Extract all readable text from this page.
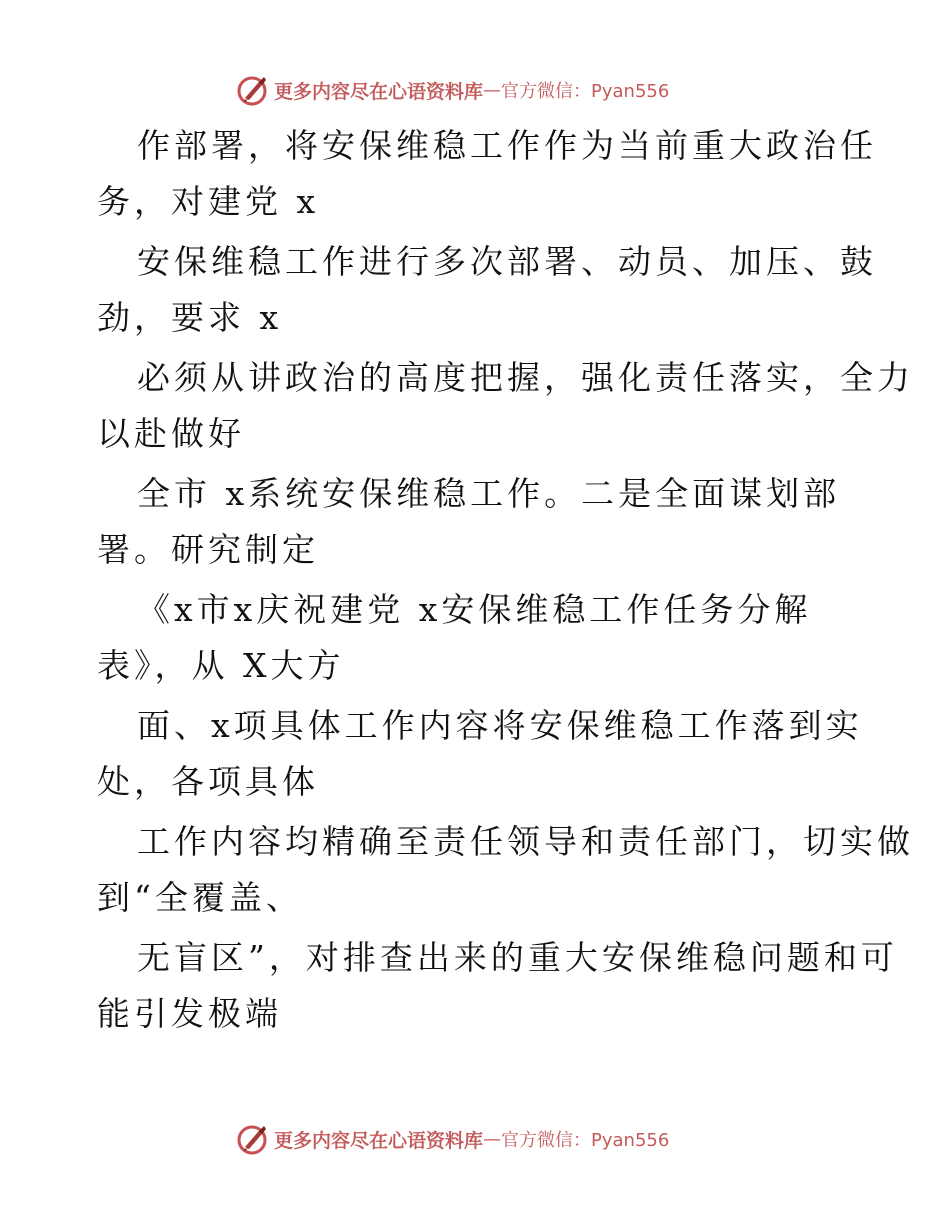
更多内容尽在心语资料库 — 官方微信：Pyan556
作部署，将安保维稳工作作为当前重大政治任
务，对建党 x
安保维稳工作进行多次部署、动员、加压、鼓
劲，要求 x
必须从讲政治的高度把握，强化责任落实，全力
以赴做好
全市 x系统安保维稳工作。二是全面谋划部
署。研究制定
《x市x庆祝建党 x安保维稳工作任务分解
表》，从 X大方
面、x项具体工作内容将安保维稳工作落到实
处，各项具体
工作内容均精确至责任领导和责任部门，切实做
到“全覆盖、
无盲区”，对排查出来的重大安保维稳问题和可
能引发极端
更多内容尽在心语资料库 — 官方微信：Pyan556
